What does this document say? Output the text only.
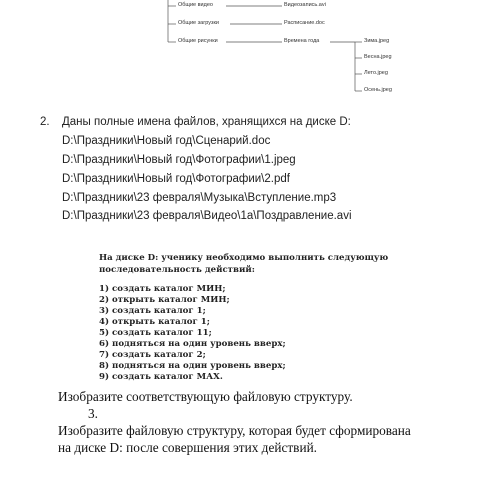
Общие видео
Общие загрузки
Общие рисунки
Видеозапись.avi
Расписание.doc
Времена года	Зима.jpeg
Весна.jpeg
Лето.jpeg
Осень.jpeg
2. Даны полные имена файлов, хранящихся на диске D:
D:\Праздники\Новый год\Сценарий.doc
D:\Праздники\Новый год\Фотографии\1.jpeg
D:\Праздники\Новый год\Фотографии\2.pdf
D:\Праздники\23 февраля\Музыка\Вступление.mp3
D:\Праздники\23 февраля\Видео\1а\Поздравление.avi
На диске D: ученику необходимо выполнить следующую
последовательность действий:
1) создать каталог МИН;
2) открыть каталог МИН;
3) создать каталог 1;
4) открыть каталог 1;
5) создать каталог 11;
6) подняться на один уровень вверх;
7) создать каталог 2;
8) подняться на один уровень вверх;
9) создать каталог МАХ.
Изобразите соответствующую файловую структуру.
3.
Изобразите файловую структуру, которая будет сформирована
на диске D: после совершения этих действий.
